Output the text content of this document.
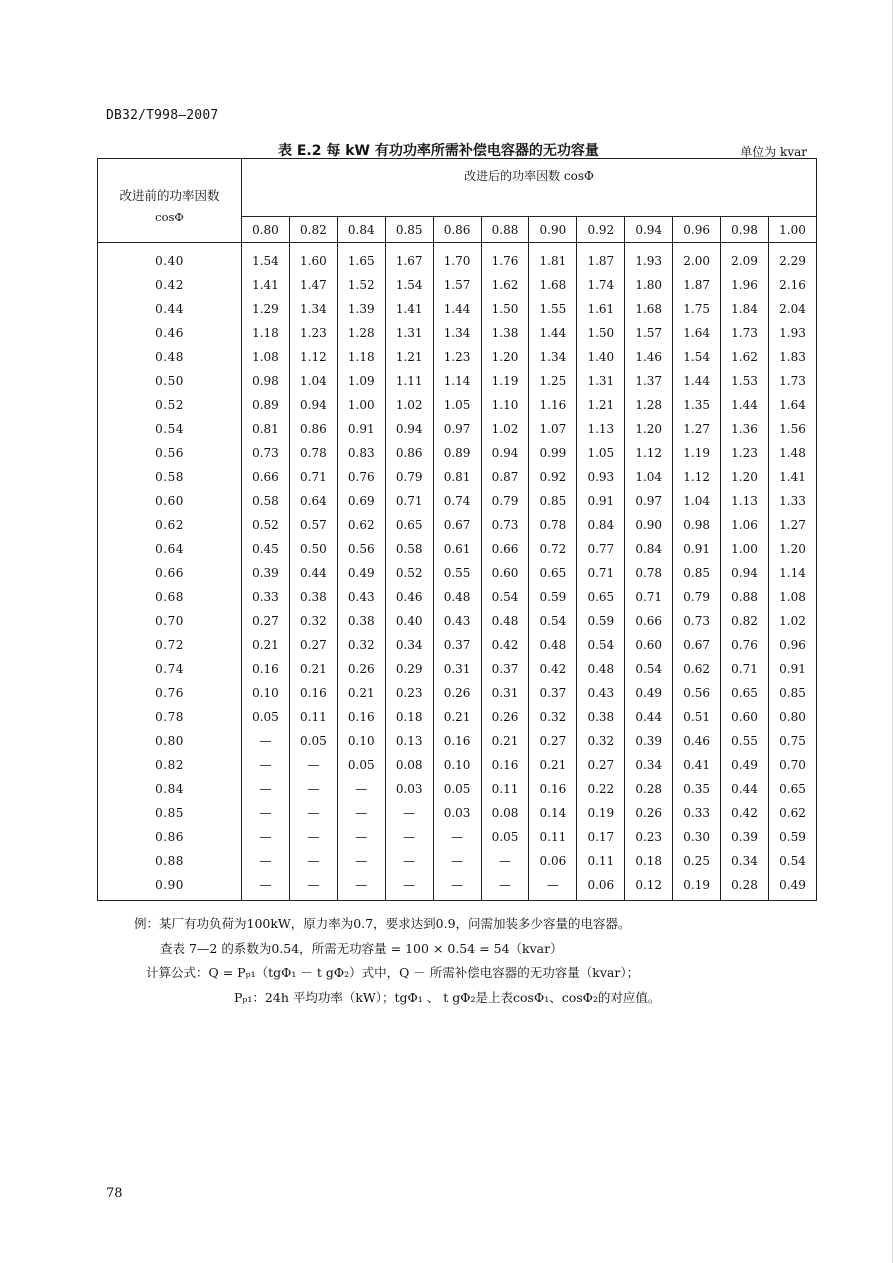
DB32/T998—2007
表 E.2 每 kW 有功功率所需补偿电容器的无功容量	单位为 kvar
改进前的功率因数
cosΦ	改进后的功率因数 cosΦ											
	0.80	0.82	0.84	0.85	0.86	0.88	0.90	0.92	0.94	0.96	0.98	1.00
0.40	1.54	1.60	1.65	1.67	1.70	1.76	1.81	1.87	1.93	2.00	2.09	2.29
0.42	1.41	1.47	1.52	1.54	1.57	1.62	1.68	1.74	1.80	1.87	1.96	2.16
0.44	1.29	1.34	1.39	1.41	1.44	1.50	1.55	1.61	1.68	1.75	1.84	2.04
0.46	1.18	1.23	1.28	1.31	1.34	1.38	1.44	1.50	1.57	1.64	1.73	1.93
0.48	1.08	1.12	1.18	1.21	1.23	1.20	1.34	1.40	1.46	1.54	1.62	1.83
0.50	0.98	1.04	1.09	1.11	1.14	1.19	1.25	1.31	1.37	1.44	1.53	1.73
0.52	0.89	0.94	1.00	1.02	1.05	1.10	1.16	1.21	1.28	1.35	1.44	1.64
0.54	0.81	0.86	0.91	0.94	0.97	1.02	1.07	1.13	1.20	1.27	1.36	1.56
0.56	0.73	0.78	0.83	0.86	0.89	0.94	0.99	1.05	1.12	1.19	1.23	1.48
0.58	0.66	0.71	0.76	0.79	0.81	0.87	0.92	0.93	1.04	1.12	1.20	1.41
0.60	0.58	0.64	0.69	0.71	0.74	0.79	0.85	0.91	0.97	1.04	1.13	1.33
0.62	0.52	0.57	0.62	0.65	0.67	0.73	0.78	0.84	0.90	0.98	1.06	1.27
0.64	0.45	0.50	0.56	0.58	0.61	0.66	0.72	0.77	0.84	0.91	1.00	1.20
0.66	0.39	0.44	0.49	0.52	0.55	0.60	0.65	0.71	0.78	0.85	0.94	1.14
0.68	0.33	0.38	0.43	0.46	0.48	0.54	0.59	0.65	0.71	0.79	0.88	1.08
0.70	0.27	0.32	0.38	0.40	0.43	0.48	0.54	0.59	0.66	0.73	0.82	1.02
0.72	0.21	0.27	0.32	0.34	0.37	0.42	0.48	0.54	0.60	0.67	0.76	0.96
0.74	0.16	0.21	0.26	0.29	0.31	0.37	0.42	0.48	0.54	0.62	0.71	0.91
0.76	0.10	0.16	0.21	0.23	0.26	0.31	0.37	0.43	0.49	0.56	0.65	0.85
0.78	0.05	0.11	0.16	0.18	0.21	0.26	0.32	0.38	0.44	0.51	0.60	0.80
0.80	—	0.05	0.10	0.13	0.16	0.21	0.27	0.32	0.39	0.46	0.55	0.75
0.82	—	—	0.05	0.08	0.10	0.16	0.21	0.27	0.34	0.41	0.49	0.70
0.84	—	—	—	0.03	0.05	0.11	0.16	0.22	0.28	0.35	0.44	0.65
0.85	—	—	—	—	0.03	0.08	0.14	0.19	0.26	0.33	0.42	0.62
0.86	—	—	—	—	—	0.05	0.11	0.17	0.23	0.30	0.39	0.59
0.88	—	—	—	—	—	—	0.06	0.11	0.18	0.25	0.34	0.54
0.90	—	—	—	—	—	—	—	0.06	0.12	0.19	0.28	0.49
例：某厂有功负荷为100kW，原力率为0.7，要求达到0.9，问需加装多少容量的电容器。
查表 7—2 的系数为0.54，所需无功容量 = 100 × 0.54 = 54（kvar）
计算公式：Q = Pₚ₁（tgΦ₁ － t gΦ₂）式中，Q － 所需补偿电容器的无功容量（kvar）；
Pₚ₁：24h 平均功率（kW）；tgΦ₁ 、 t gΦ₂是上表cosΦ₁、cosΦ₂的对应值。
78
